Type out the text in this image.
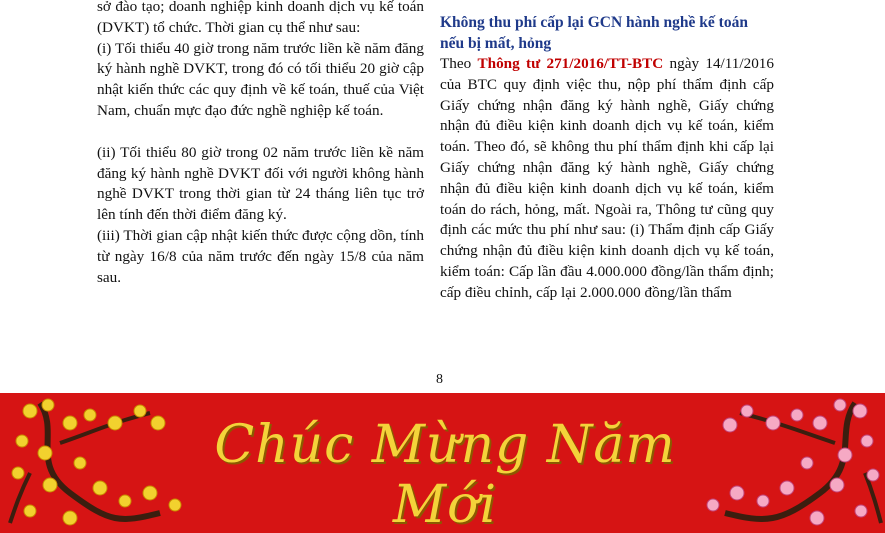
sở đào tạo; doanh nghiệp kinh doanh dịch vụ kế toán (DVKT) tổ chức. Thời gian cụ thể như sau:

(i) Tối thiểu 40 giờ trong năm trước liền kề năm đăng ký hành nghề DVKT, trong đó có tối thiểu 20 giờ cập nhật kiến thức các quy định về kế toán, thuế của Việt Nam, chuẩn mực đạo đức nghề nghiệp kế toán.

(ii) Tối thiểu 80 giờ trong 02 năm trước liền kề năm đăng ký hành nghề DVKT đối với người không hành nghề DVKT trong thời gian từ 24 tháng liên tục trở lên tính đến thời điểm đăng ký.

(iii) Thời gian cập nhật kiến thức được cộng dồn, tính từ ngày 16/8 của năm trước đến ngày 15/8 của năm sau.

Không thu phí cấp lại GCN hành nghề kế toán nếu bị mất, hỏng

Theo Thông tư 271/2016/TT-BTC ngày 14/11/2016 của BTC quy định việc thu, nộp phí thẩm định cấp Giấy chứng nhận đăng ký hành nghề, Giấy chứng nhận đủ điều kiện kinh doanh dịch vụ kế toán, kiểm toán. Theo đó, sẽ không thu phí thẩm định khi cấp lại Giấy chứng nhận đăng ký hành nghề, Giấy chứng nhận đủ điều kiện kinh doanh dịch vụ kế toán, kiểm toán do rách, hỏng, mất. Ngoài ra, Thông tư cũng quy định các mức thu phí như sau: (i) Thẩm định cấp Giấy chứng nhận đủ điều kiện kinh doanh dịch vụ kế toán, kiểm toán: Cấp lần đầu 4.000.000 đồng/lần thẩm định; cấp điều chỉnh, cấp lại 2.000.000 đồng/lần thẩm

8
Chúc Mừng Năm Mới
